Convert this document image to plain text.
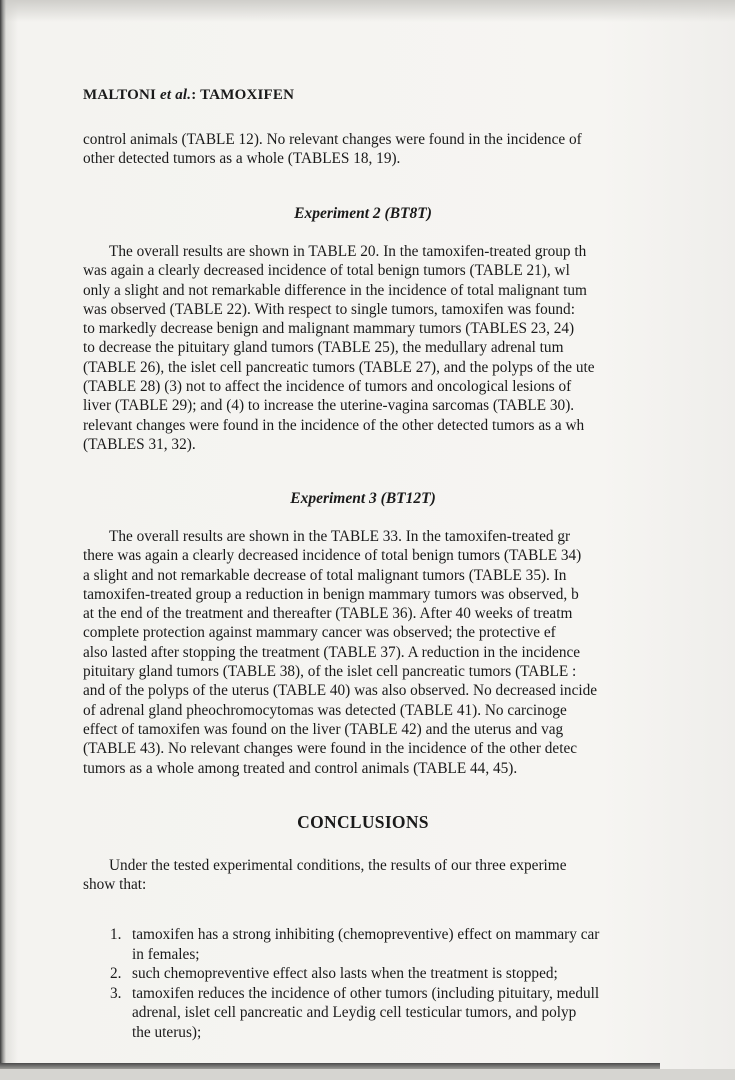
MALTONI et al.: TAMOXIFEN
control animals (TABLE 12). No relevant changes were found in the incidence of
other detected tumors as a whole (TABLES 18, 19).
Experiment 2 (BT8T)
The overall results are shown in TABLE 20. In the tamoxifen-treated group th
was again a clearly decreased incidence of total benign tumors (TABLE 21), wl
only a slight and not remarkable difference in the incidence of total malignant tum
was observed (TABLE 22). With respect to single tumors, tamoxifen was found:
to markedly decrease benign and malignant mammary tumors (TABLES 23, 24)
to decrease the pituitary gland tumors (TABLE 25), the medullary adrenal tum
(TABLE 26), the islet cell pancreatic tumors (TABLE 27), and the polyps of the ute
(TABLE 28) (3) not to affect the incidence of tumors and oncological lesions of
liver (TABLE 29); and (4) to increase the uterine-vagina sarcomas (TABLE 30).
relevant changes were found in the incidence of the other detected tumors as a wh
(TABLES 31, 32).
Experiment 3 (BT12T)
The overall results are shown in the TABLE 33. In the tamoxifen-treated gr
there was again a clearly decreased incidence of total benign tumors (TABLE 34)
a slight and not remarkable decrease of total malignant tumors (TABLE 35). In
tamoxifen-treated group a reduction in benign mammary tumors was observed, b
at the end of the treatment and thereafter (TABLE 36). After 40 weeks of treatm
complete protection against mammary cancer was observed; the protective ef
also lasted after stopping the treatment (TABLE 37). A reduction in the incidence
pituitary gland tumors (TABLE 38), of the islet cell pancreatic tumors (TABLE :
and of the polyps of the uterus (TABLE 40) was also observed. No decreased incide
of adrenal gland pheochromocytomas was detected (TABLE 41). No carcinoge
effect of tamoxifen was found on the liver (TABLE 42) and the uterus and vag
(TABLE 43). No relevant changes were found in the incidence of the other detec
tumors as a whole among treated and control animals (TABLE 44, 45).
CONCLUSIONS
Under the tested experimental conditions, the results of our three experime
show that:
1. tamoxifen has a strong inhibiting (chemopreventive) effect on mammary car
in females;
2. such chemopreventive effect also lasts when the treatment is stopped;
3. tamoxifen reduces the incidence of other tumors (including pituitary, medull
adrenal, islet cell pancreatic and Leydig cell testicular tumors, and polyp
the uterus);
